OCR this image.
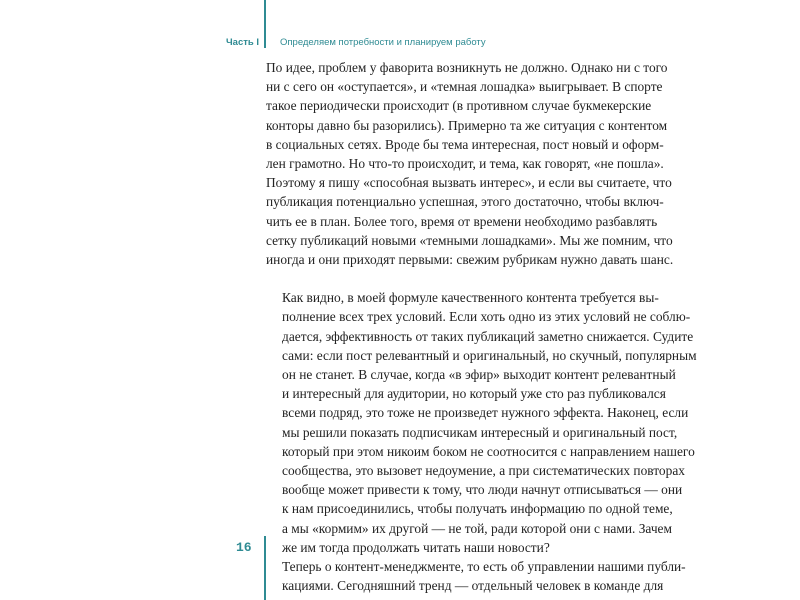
Часть I Определяем потребности и планируем работу

По идее, проблем у фаворита возникнуть не должно. Однако ни с того
ни с сего он «оступается», и «темная лошадка» выигрывает. В спорте
такое периодически происходит (в противном случае букмекерские
конторы давно бы разорились). Примерно та же ситуация с контентом
в социальных сетях. Вроде бы тема интересная, пост новый и оформ-
лен грамотно. Но что-то происходит, и тема, как говорят, «не пошла».
Поэтому я пишу «способная вызвать интерес», и если вы считаете, что
публикация потенциально успешная, этого достаточно, чтобы включ-
чить ее в план. Более того, время от времени необходимо разбавлять
сетку публикаций новыми «темными лошадками». Мы же помним, что
иногда и они приходят первыми: свежим рубрикам нужно давать шанс.

Как видно, в моей формуле качественного контента требуется вы-
полнение всех трех условий. Если хоть одно из этих условий не соблю-
дается, эффективность от таких публикаций заметно снижается. Судите
сами: если пост релевантный и оригинальный, но скучный, популярным
он не станет. В случае, когда «в эфир» выходит контент релевантный
и интересный для аудитории, но который уже сто раз публиковался
всеми подряд, это тоже не произведет нужного эффекта. Наконец, если
мы решили показать подписчикам интересный и оригинальный пост,
который при этом никоим боком не соотносится с направлением нашего
сообщества, это вызовет недоумение, а при систематических повторах
вообще может привести к тому, что люди начнут отписываться — они
к нам присоединились, чтобы получать информацию по одной теме,
а мы «кормим» их другой — не той, ради которой они с нами. Зачем
же им тогда продолжать читать наши новости?

Теперь о контент-менеджменте, то есть об управлении нашими публи-
кациями. Сегодняшний тренд — отдельный человек в команде для

16
